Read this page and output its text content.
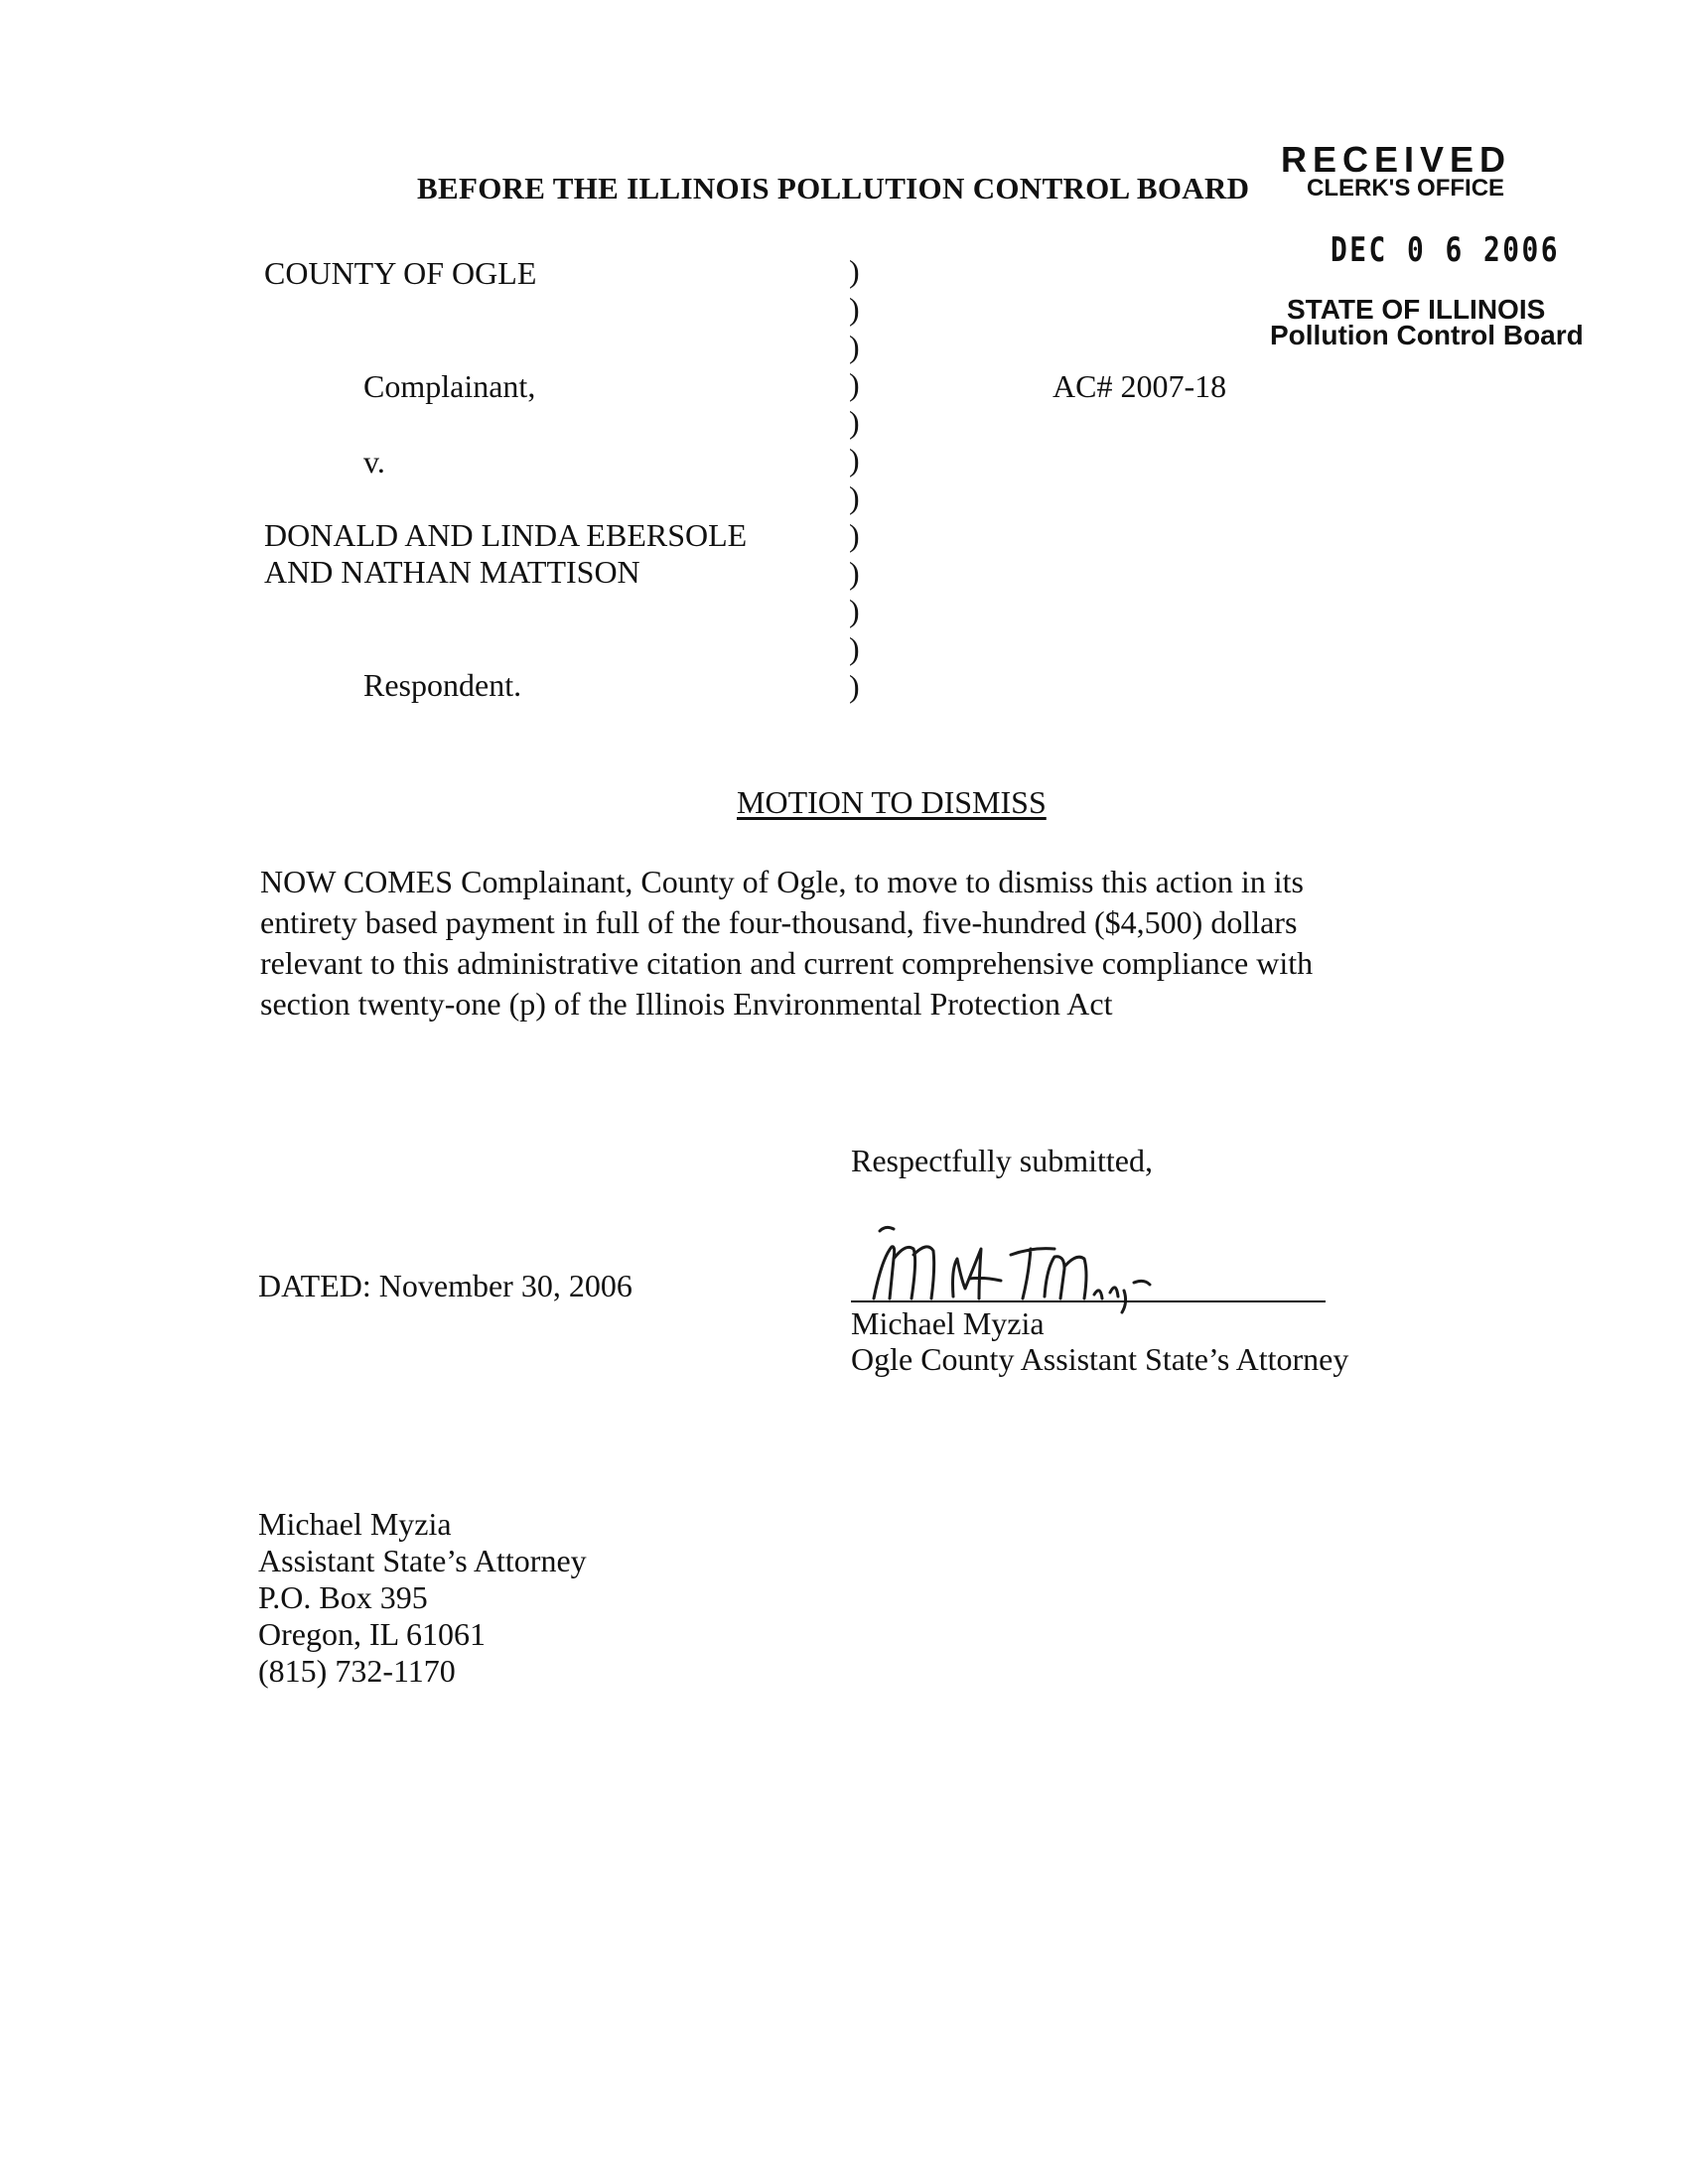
RECEIVED
CLERK'S OFFICE
DEC 0 6 2006
STATE OF ILLINOIS
Pollution Control Board
BEFORE THE ILLINOIS POLLUTION CONTROL BOARD
COUNTY OF OGLE
Complainant,
v.
DONALD AND LINDA EBERSOLE
AND NATHAN MATTISON
Respondent.
AC# 2007-18
)
)
)
)
)
)
)
)
)
)
)
)
MOTION TO DISMISS
NOW COMES Complainant, County of Ogle, to move to dismiss this action in its entirety based payment in full of the four-thousand, five-hundred ($4,500) dollars relevant to this administrative citation and current comprehensive compliance with section twenty-one (p) of the Illinois Environmental Protection Act
Respectfully submitted,
DATED: November 30, 2006
Michael Myzia
Ogle County Assistant State’s Attorney
Michael Myzia
Assistant State’s Attorney
P.O. Box 395
Oregon, IL 61061
(815) 732-1170
